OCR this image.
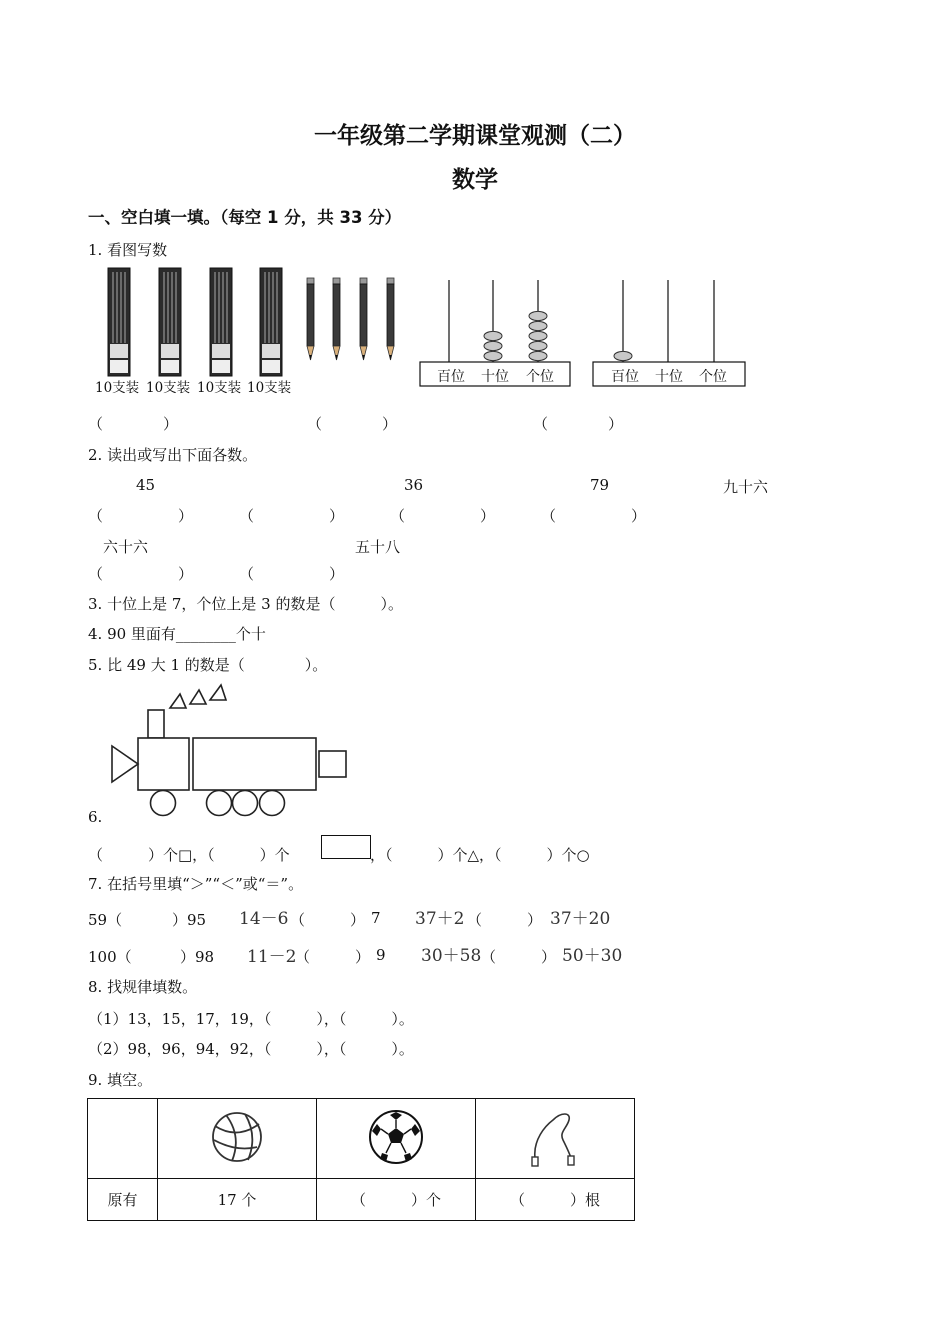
一年级第二学期课堂观测（二）
数学
一、空白填一填。（每空 1 分，共 33 分）
1. 看图写数
10支装 10支装 10支装 10支装
百位 十位 个位	百位 十位 个位
（　　　　）	（　　　　）	（　　　　）
2. 读出或写出下面各数。
45	36	79	九十六
（　　　　　）	（　　　　　）	（　　　　　）	（　　　　　）
六十六	五十八
（　　　　　）	（　　　　　）
3. 十位上是 7，个位上是 3 的数是（　　　）。
4. 90 里面有________个十
5. 比 49 大 1 的数是（　　　　）。
6.
（　　　）个□，（　　　）个	，（　　　）个△，（　　　）个○
7. 在括号里填“＞”“＜”或“＝”。
59（	）95 14－6 （　　　） 7 37＋2 （　　　） 37＋20
100（	）98 11－2
（　　　） 9 30＋58 （　　　） 50＋30
8. 找规律填数。
（1）13，15，17，19，（　　　），（　　　）。
（2）98，96，94，92，（　　　），（　　　）。
9. 填空。

原有	17 个	（　　　）个	（　　　）根
